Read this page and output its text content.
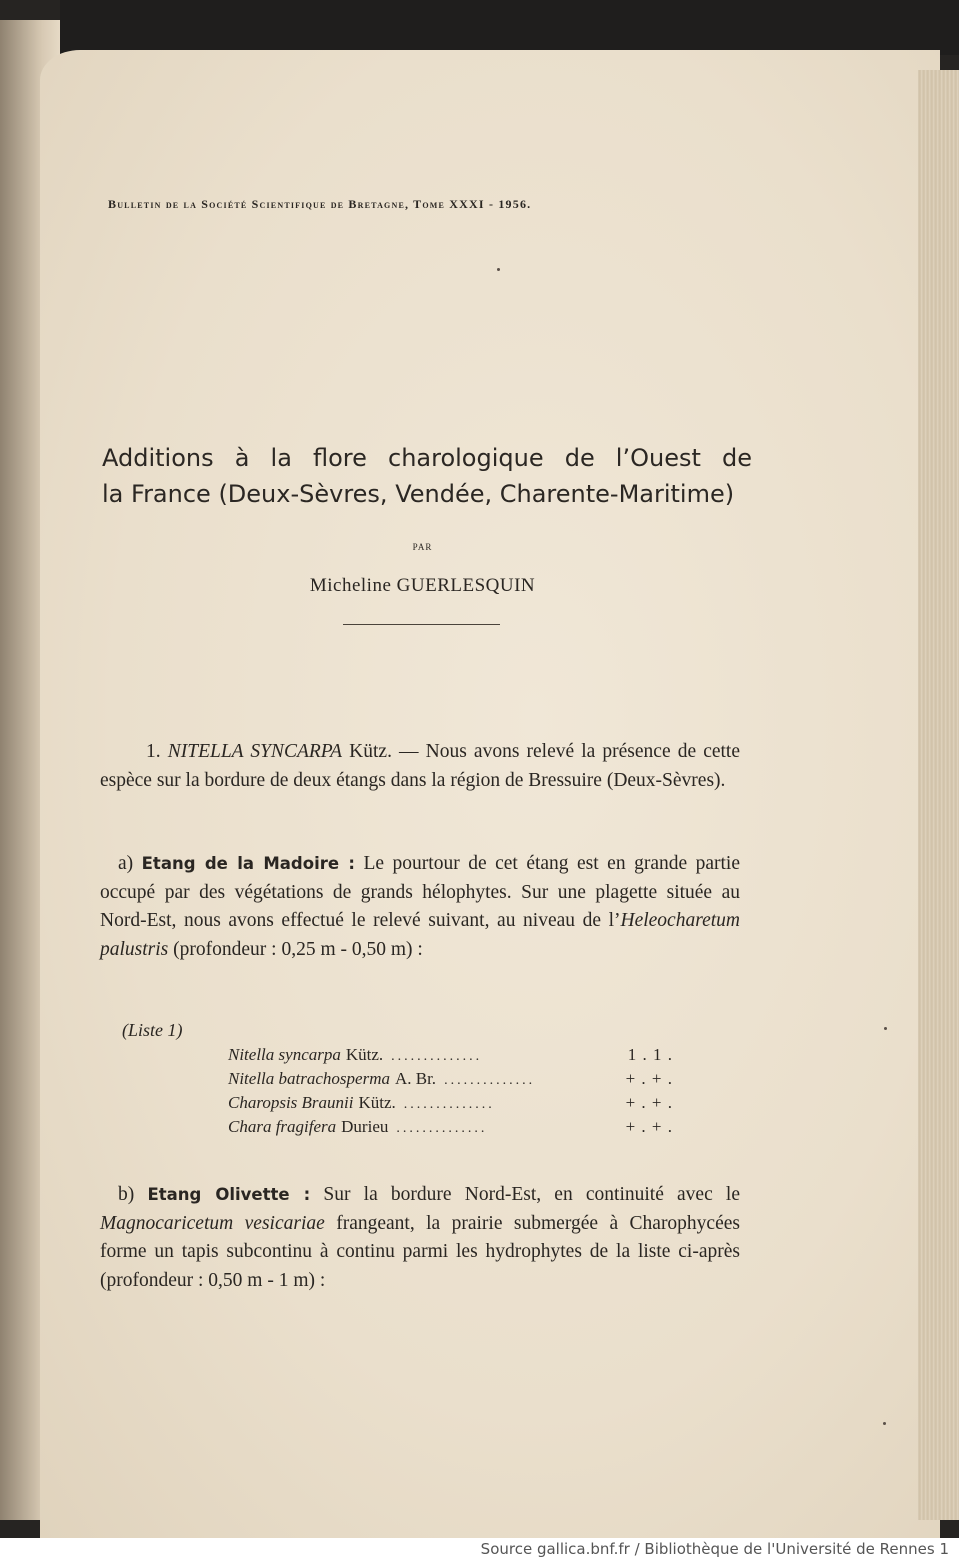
Bulletin de la Société Scientifique de Bretagne, Tome XXXI - 1956.
Additions à la flore charologique de l’Ouest de
la France (Deux-Sèvres, Vendée, Charente-Maritime)
par
Micheline GUERLESQUIN
1. NITELLA SYNCARPA Kütz. — Nous avons relevé la présence de cette espèce sur la bordure de deux étangs dans la région de Bressuire (Deux-Sèvres).
a) Etang de la Madoire : Le pourtour de cet étang est en grande partie occupé par des végétations de grands hélophytes. Sur une plagette située au Nord-Est, nous avons effectué le relevé suivant, au niveau de l’Heleocharetum palustris (profondeur : 0,25 m - 0,50 m) :
(Liste 1)
Nitella syncarpa Kütz. ..............	1 . 1 .
Nitella batrachosperma A. Br. ..............	+ . + .
Charopsis Braunii Kütz. ..............	+ . + .
Chara fragifera Durieu ..............	+ . + .
b) Etang Olivette : Sur la bordure Nord-Est, en continuité avec le Magnocaricetum vesicariae frangeant, la prairie submergée à Charophycées forme un tapis subcontinu à continu parmi les hydrophytes de la liste ci-après (profondeur : 0,50 m - 1 m) :
Source gallica.bnf.fr / Bibliothèque de l'Université de Rennes 1
